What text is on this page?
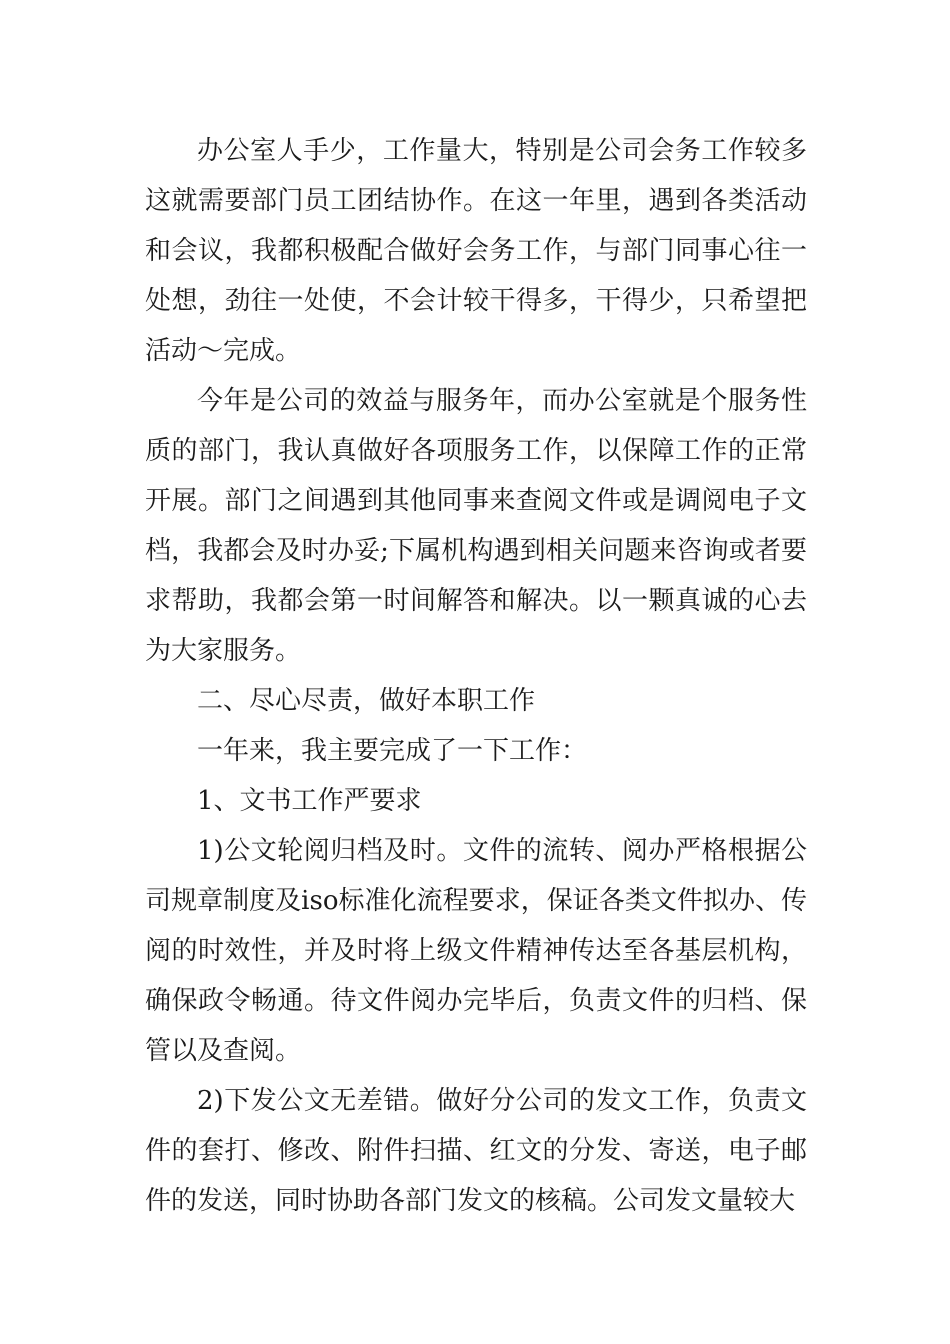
办公室人手少，工作量大，特别是公司会务工作较多这就需要部门员工团结协作。在这一年里，遇到各类活动和会议，我都积极配合做好会务工作，与部门同事心往一处想，劲往一处使，不会计较干得多，干得少，只希望把活动～完成。

今年是公司的效益与服务年，而办公室就是个服务性质的部门，我认真做好各项服务工作，以保障工作的正常开展。部门之间遇到其他同事来查阅文件或是调阅电子文档，我都会及时办妥;下属机构遇到相关问题来咨询或者要求帮助，我都会第一时间解答和解决。以一颗真诚的心去为大家服务。

二、尽心尽责，做好本职工作

一年来，我主要完成了一下工作：

1、文书工作严要求

1)公文轮阅归档及时。文件的流转、阅办严格根据公司规章制度及iso标准化流程要求，保证各类文件拟办、传阅的时效性，并及时将上级文件精神传达至各基层机构，确保政令畅通。待文件阅办完毕后，负责文件的归档、保管以及查阅。

2)下发公文无差错。做好分公司的发文工作，负责文件的套打、修改、附件扫描、红文的分发、寄送，电子邮件的发送，同时协助各部门发文的核稿。公司发文量较大
